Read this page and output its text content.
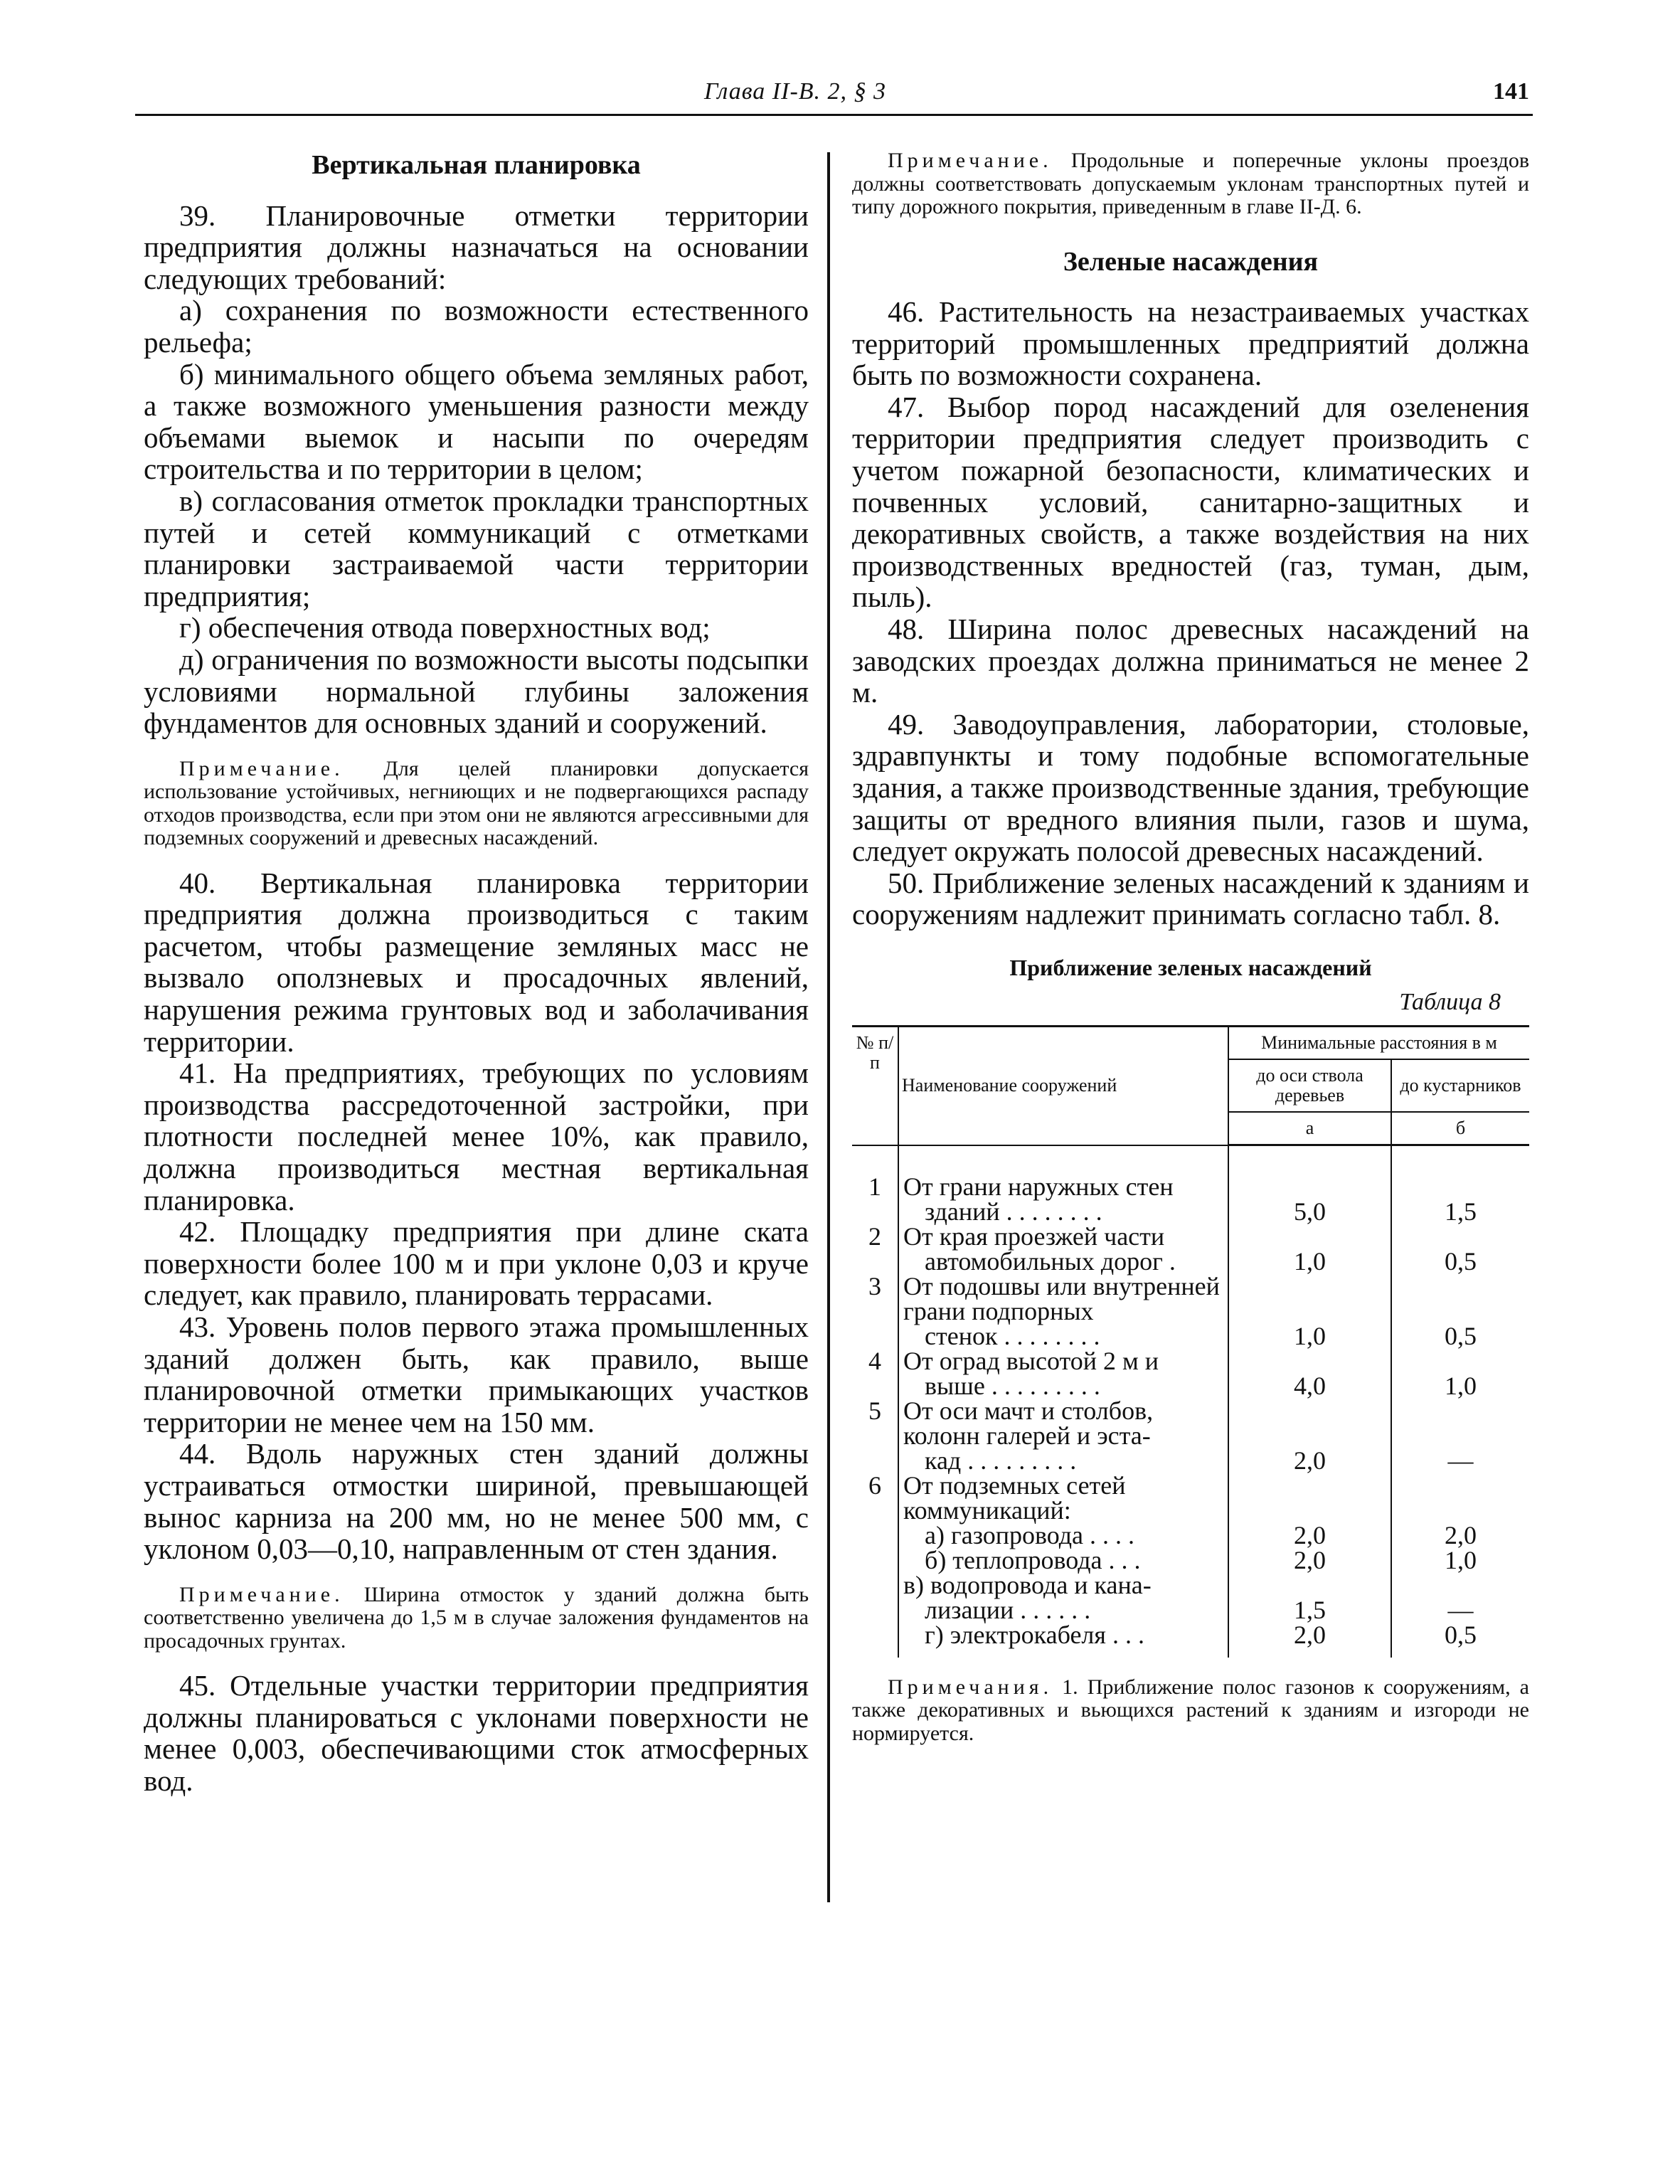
Глава II-В. 2, § 3	141
Вертикальная планировка

39. Планировочные отметки территории предприятия должны назначаться на основании следующих требований:

а) сохранения по возможности естественного рельефа;

б) минимального общего объема земляных работ, а также возможного уменьшения разности между объемами выемок и насыпи по очередям строительства и по территории в целом;

в) согласования отметок прокладки транспортных путей и сетей коммуникаций с отметками планировки застраиваемой части территории предприятия;

г) обеспечения отвода поверхностных вод;

д) ограничения по возможности высоты подсыпки условиями нормальной глубины заложения фундаментов для основных зданий и сооружений.

Примечание. Для целей планировки допускается использование устойчивых, негниющих и не подвергающихся распаду отходов производства, если при этом они не являются агрессивными для подземных сооружений и древесных насаждений.

40. Вертикальная планировка территории предприятия должна производиться с таким расчетом, чтобы размещение земляных масс не вызвало оползневых и просадочных явлений, нарушения режима грунтовых вод и заболачивания территории.

41. На предприятиях, требующих по условиям производства рассредоточенной застройки, при плотности последней менее 10%, как правило, должна производиться местная вертикальная планировка.

42. Площадку предприятия при длине ската поверхности более 100 м и при уклоне 0,03 и круче следует, как правило, планировать террасами.

43. Уровень полов первого этажа промышленных зданий должен быть, как правило, выше планировочной отметки примыкающих участков территории не менее чем на 150 мм.

44. Вдоль наружных стен зданий должны устраиваться отмостки шириной, превышающей вынос карниза на 200 мм, но не менее 500 мм, с уклоном 0,03—0,10, направленным от стен здания.

Примечание. Ширина отмосток у зданий должна быть соответственно увеличена до 1,5 м в случае заложения фундаментов на просадочных грунтах.

45. Отдельные участки территории предприятия должны планироваться с уклонами поверхности не менее 0,003, обеспечивающими сток атмосферных вод.

Примечание. Продольные и поперечные уклоны проездов должны соответствовать допускаемым уклонам транспортных путей и типу дорожного покрытия, приведенным в главе II-Д. 6.

Зеленые насаждения

46. Растительность на незастраиваемых участках территорий промышленных предприятий должна быть по возможности сохранена.

47. Выбор пород насаждений для озеленения территории предприятия следует производить с учетом пожарной безопасности, климатических и почвенных условий, санитарно-защитных и декоративных свойств, а также воздействия на них производственных вредностей (газ, туман, дым, пыль).

48. Ширина полос древесных насаждений на заводских проездах должна приниматься не менее 2 м.

49. Заводоуправления, лаборатории, столовые, здравпункты и тому подобные вспомогательные здания, а также производственные здания, требующие защиты от вредного влияния пыли, газов и шума, следует окружать полосой древесных насаждений.

50. Приближение зеленых насаждений к зданиям и сооружениям надлежит принимать согласно табл. 8.

Приближение зеленых насаждений
Таблица 8
№ п/п	Наименование сооружений	Минимальные расстояния в м	
		до оси ствола деревьев	до кустарников
		а	б
1	От грани наружных стен
зданий . . . . . . . .	5,0	1,5
2	От края проезжей части
автомобильных дорог .	1,0	0,5
3	От подошвы или внутренней грани подпорных
стенок . . . . . . . .	1,0	0,5
4	От оград высотой 2 м и
выше . . . . . . . . .	4,0	1,0
5	От оси мачт и столбов, колонн галерей и эста-
кад . . . . . . . . .	2,0	—
6	От подземных сетей коммуникаций:		

	а) газопровода . . . .	2,0	2,0

	б) теплопровода . . .	2,0	1,0

	в) водопровода и кана-
лизации . . . . . .	1,5	—

	г) электрокабеля . . .	2,0	0,5

Примечания. 1. Приближение полос газонов к сооружениям, а также декоративных и вьющихся растений к зданиям и изгороди не нормируется.
